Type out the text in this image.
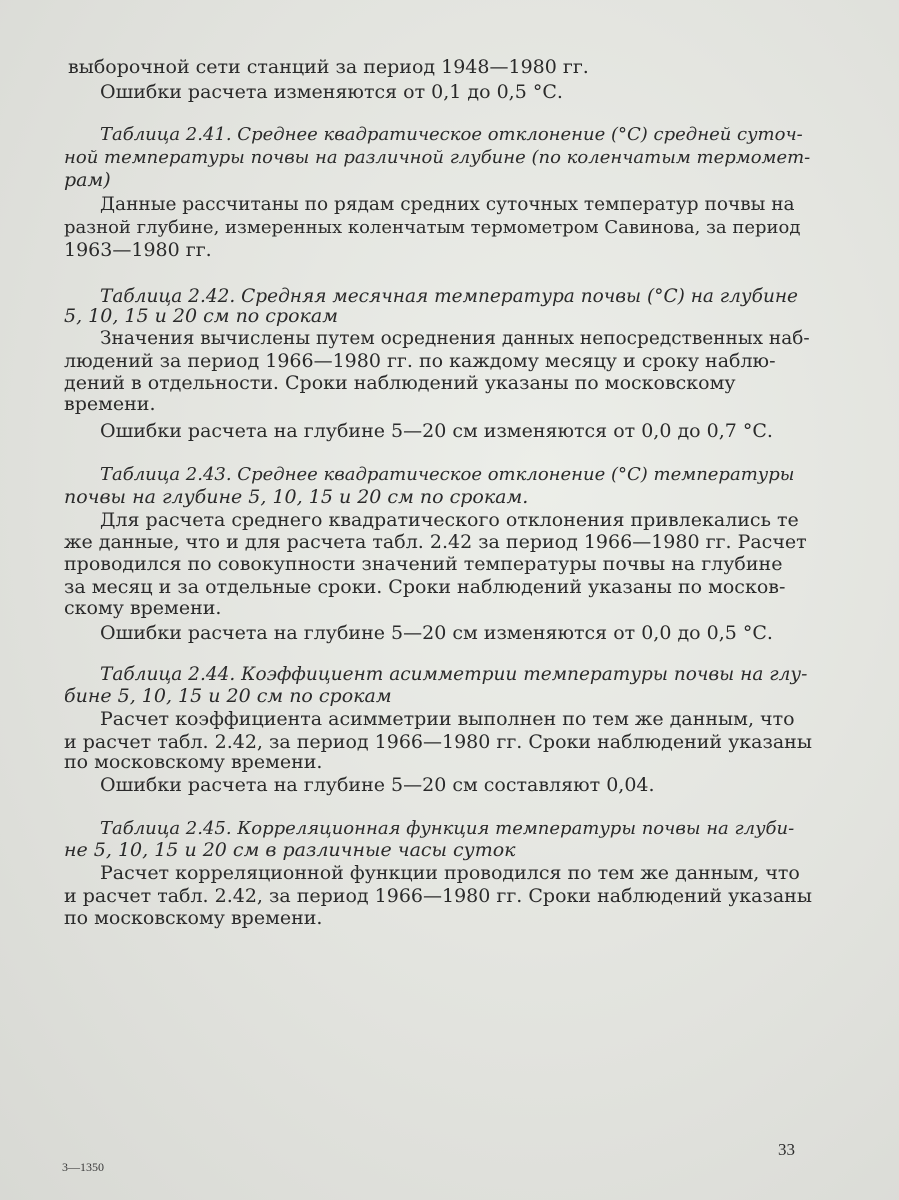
выборочной сети станций за период 1948—1980 гг.
Ошибки расчета изменяются от 0,1 до 0,5 °С.
Таблица 2.41. Среднее квадратическое отклонение (°С) средней суточ-
ной температуры почвы на различной глубине (по коленчатым термомет-
рам)
Данные рассчитаны по рядам средних суточных температур почвы на
разной глубине, измеренных коленчатым термометром Савинова, за период
1963—1980 гг.
Таблица 2.42. Средняя месячная температура почвы (°С) на глубине
5, 10, 15 и 20 см по срокам
Значения вычислены путем осреднения данных непосредственных наб-
людений за период 1966—1980 гг. по каждому месяцу и сроку наблю-
дений в отдельности. Сроки наблюдений указаны по московскому
времени.
Ошибки расчета на глубине 5—20 см изменяются от 0,0 до 0,7 °С.
Таблица 2.43. Среднее квадратическое отклонение (°С) температуры
почвы на глубине 5, 10, 15 и 20 см по срокам.
Для расчета среднего квадратического отклонения привлекались те
же данные, что и для расчета табл. 2.42 за период 1966—1980 гг. Расчет
проводился по совокупности значений температуры почвы на глубине
за месяц и за отдельные сроки. Сроки наблюдений указаны по москов-
скому времени.
Ошибки расчета на глубине 5—20 см изменяются от 0,0 до 0,5 °С.
Таблица 2.44. Коэффициент асимметрии температуры почвы на глу-
бине 5, 10, 15 и 20 см по срокам
Расчет коэффициента асимметрии выполнен по тем же данным, что
и расчет табл. 2.42, за период 1966—1980 гг. Сроки наблюдений указаны
по московскому времени.
Ошибки расчета на глубине 5—20 см составляют 0,04.
Таблица 2.45. Корреляционная функция температуры почвы на глуби-
не 5, 10, 15 и 20 см в различные часы суток
Расчет корреляционной функции проводился по тем же данным, что
и расчет табл. 2.42, за период 1966—1980 гг. Сроки наблюдений указаны
по московскому времени.
33
3—1350
